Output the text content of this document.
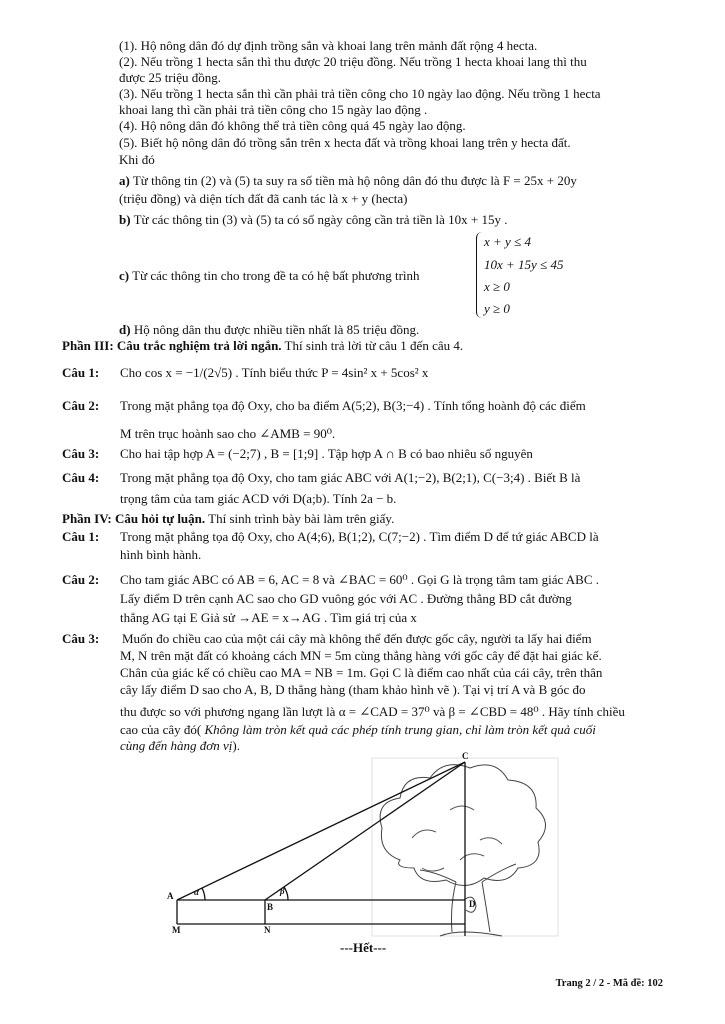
(1). Hộ nông dân đó dự định trồng sắn và khoai lang trên mảnh đất rộng 4 hecta.
(2). Nếu trồng 1 hecta sắn thì thu được 20 triệu đồng. Nếu trồng 1 hecta khoai lang thì thu
được 25 triệu đồng.
(3). Nếu trồng 1 hecta sắn thì cần phải trả tiền công cho 10 ngày lao động. Nếu trồng 1 hecta
khoai lang thì cần phải trả tiền công cho 15 ngày lao động .
(4). Hộ nông dân đó không thể trả tiền công quá 45 ngày lao động.
(5). Biết hộ nông dân đó trồng sắn trên x hecta đất và trồng khoai lang trên y hecta đất.
Khi đó
a) Từ thông tin (2) và (5) ta suy ra số tiền mà hộ nông dân đó thu được là F = 25x + 20y
(triệu đồng) và diện tích đất đã canh tác là x + y (hecta)
b) Từ các thông tin (3) và (5) ta có số ngày công cần trả tiền là 10x + 15y .
c) Từ các thông tin cho trong đề ta có hệ bất phương trình
x + y ≤ 4
10x + 15y ≤ 45
x ≥ 0
y ≥ 0
d) Hộ nông dân thu được nhiều tiền nhất là 85 triệu đồng.
Phần III: Câu trắc nghiệm trả lời ngắn. Thí sinh trả lời từ câu 1 đến câu 4.
Câu 1: Cho cos x = −1/(2√5) . Tính biểu thức P = 4sin² x + 5cos² x
Câu 2: Trong mặt phẳng tọa độ Oxy, cho ba điểm A(5;2), B(3;−4) . Tính tổng hoành độ các điểm
M trên trục hoành sao cho ∠AMB = 90⁰.
Câu 3: Cho hai tập hợp A = (−2;7) , B = [1;9] . Tập hợp A ∩ B có bao nhiêu số nguyên
Câu 4: Trong mặt phẳng tọa độ Oxy, cho tam giác ABC với A(1;−2), B(2;1), C(−3;4) . Biết B là
trọng tâm của tam giác ACD với D(a;b). Tính 2a − b.
Phần IV: Câu hỏi tự luận. Thí sinh trình bày bài làm trên giấy.
Câu 1: Trong mặt phẳng tọa độ Oxy, cho A(4;6), B(1;2), C(7;−2) . Tìm điểm D để tứ giác ABCD là
hình bình hành.
Câu 2: Cho tam giác ABC có AB = 6, AC = 8 và ∠BAC = 60⁰ . Gọi G là trọng tâm tam giác ABC .
Lấy điểm D trên cạnh AC sao cho GD vuông góc với AC . Đường thẳng BD cắt đường
thẳng AG tại E Giả sử →AE = x→AG . Tìm giá trị của x
Câu 3: Muốn đo chiều cao của một cái cây mà không thể đến được gốc cây, người ta lấy hai điểm
M, N trên mặt đất có khoảng cách MN = 5m cùng thẳng hàng với gốc cây để đặt hai giác kế.
Chân của giác kế có chiều cao MA = NB = 1m. Gọi C là điểm cao nhất của cái cây, trên thân
cây lấy điểm D sao cho A, B, D thẳng hàng (tham khảo hình vẽ ). Tại vị trí A và B góc đo
thu được so với phương ngang lần lượt là α = ∠CAD = 37⁰ và β = ∠CBD = 48⁰ . Hãy tính chiều
cao của cây đó( Không làm tròn kết quả các phép tính trung gian, chỉ làm tròn kết quả cuối
cùng đến hàng đơn vị).
A
B
C
D
M	N
α	β
---Hết---
Trang 2 / 2 - Mã đề: 102
